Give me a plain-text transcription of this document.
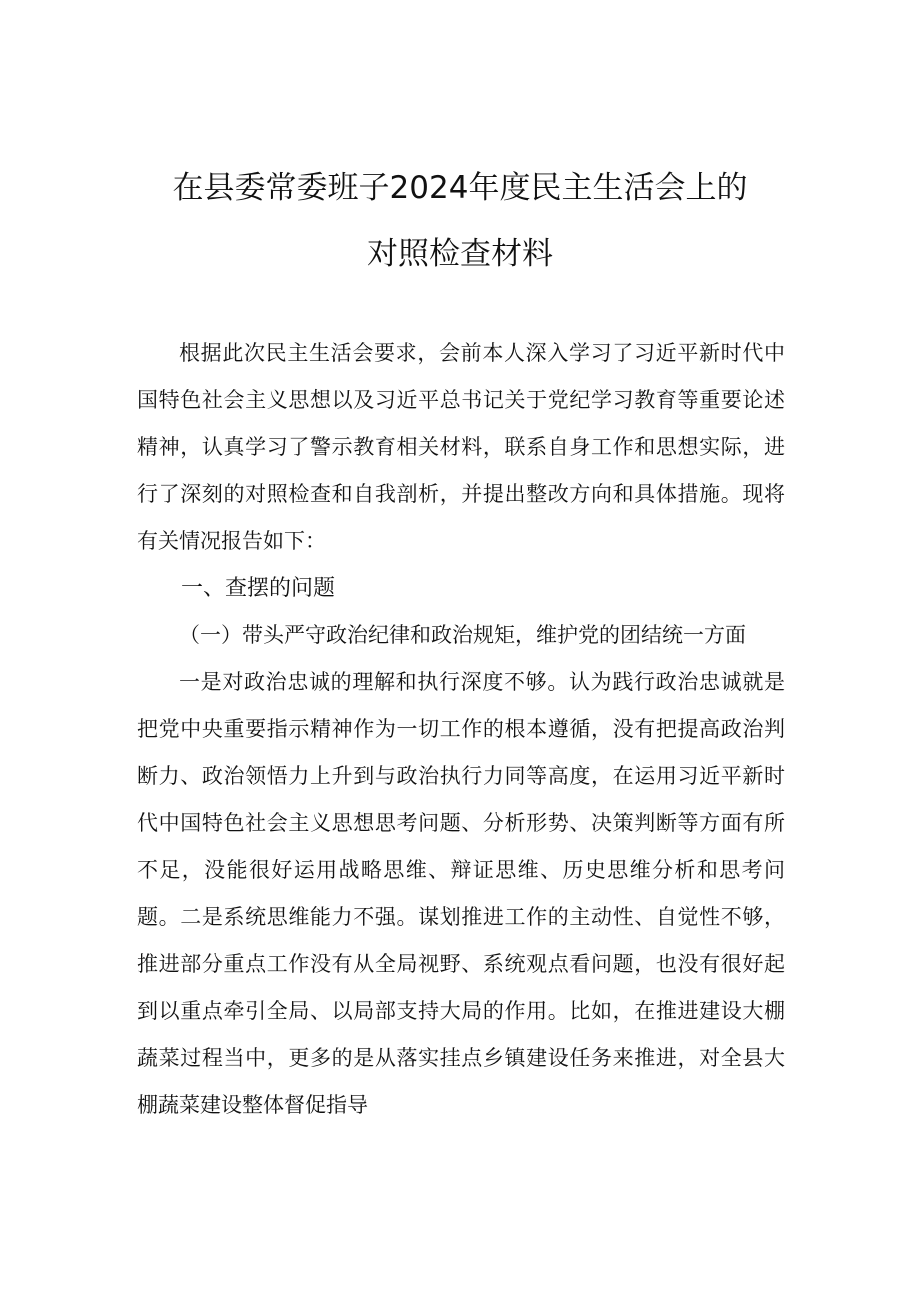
在县委常委班子2024年度民主生活会上的
对照检查材料

根据此次民主生活会要求，会前本人深入学习了习近平新时代中国特色社会主义思想以及习近平总书记关于党纪学习教育等重要论述精神，认真学习了警示教育相关材料，联系自身工作和思想实际，进行了深刻的对照检查和自我剖析，并提出整改方向和具体措施。现将有关情况报告如下：

一、查摆的问题

（一）带头严守政治纪律和政治规矩，维护党的团结统一方面

一是对政治忠诚的理解和执行深度不够。认为践行政治忠诚就是把党中央重要指示精神作为一切工作的根本遵循，没有把提高政治判断力、政治领悟力上升到与政治执行力同等高度，在运用习近平新时代中国特色社会主义思想思考问题、分析形势、决策判断等方面有所不足，没能很好运用战略思维、辩证思维、历史思维分析和思考问题。二是系统思维能力不强。谋划推进工作的主动性、自觉性不够，推进部分重点工作没有从全局视野、系统观点看问题，也没有很好起到以重点牵引全局、以局部支持大局的作用。比如，在推进建设大棚蔬菜过程当中，更多的是从落实挂点乡镇建设任务来推进，对全县大棚蔬菜建设整体督促指导
